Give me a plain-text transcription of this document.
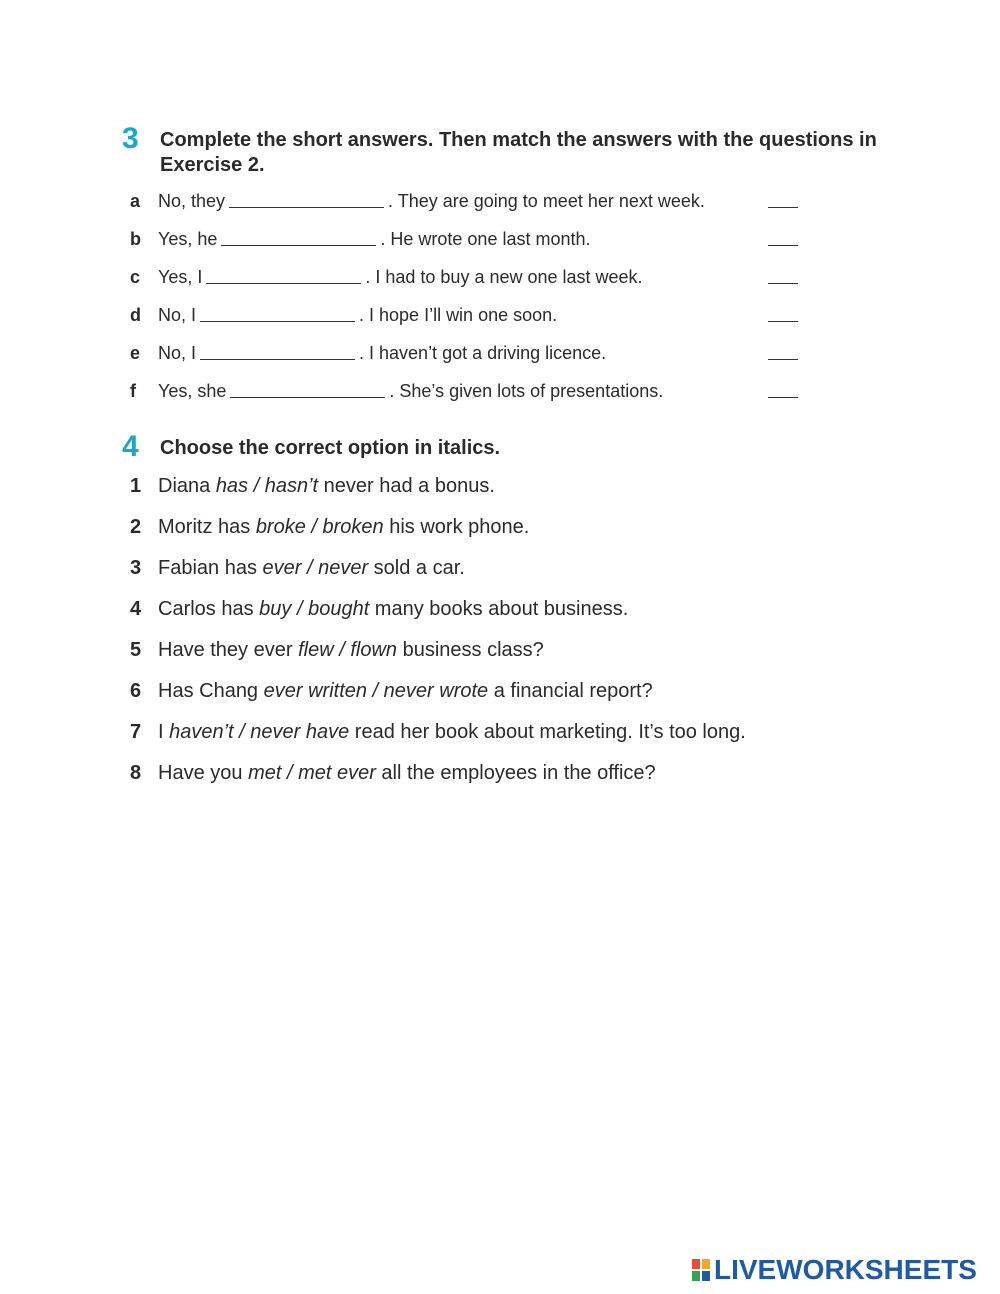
3 Complete the short answers. Then match the answers with the questions in
Exercise 2.
a No, they	. They are going to meet her next week.
b Yes, he	. He wrote one last month.
c Yes, I	. I had to buy a new one last week.
d No, I	. I hope I’ll win one soon.
e No, I	. I haven’t got a driving licence.
f	Yes, she	. She’s given lots of presentations.
4 Choose the correct option in italics.
1 Diana has / hasn’t never had a bonus.
2 Moritz has broke / broken his work phone.
3 Fabian has ever / never sold a car.
4 Carlos has buy / bought many books about business.
5 Have they ever flew / flown business class?
6 Has Chang ever written / never wrote a financial report?
7 I haven’t / never have read her book about marketing. It’s too long.
8 Have you met / met ever all the employees in the office?
LIVEWORKSHEETS
